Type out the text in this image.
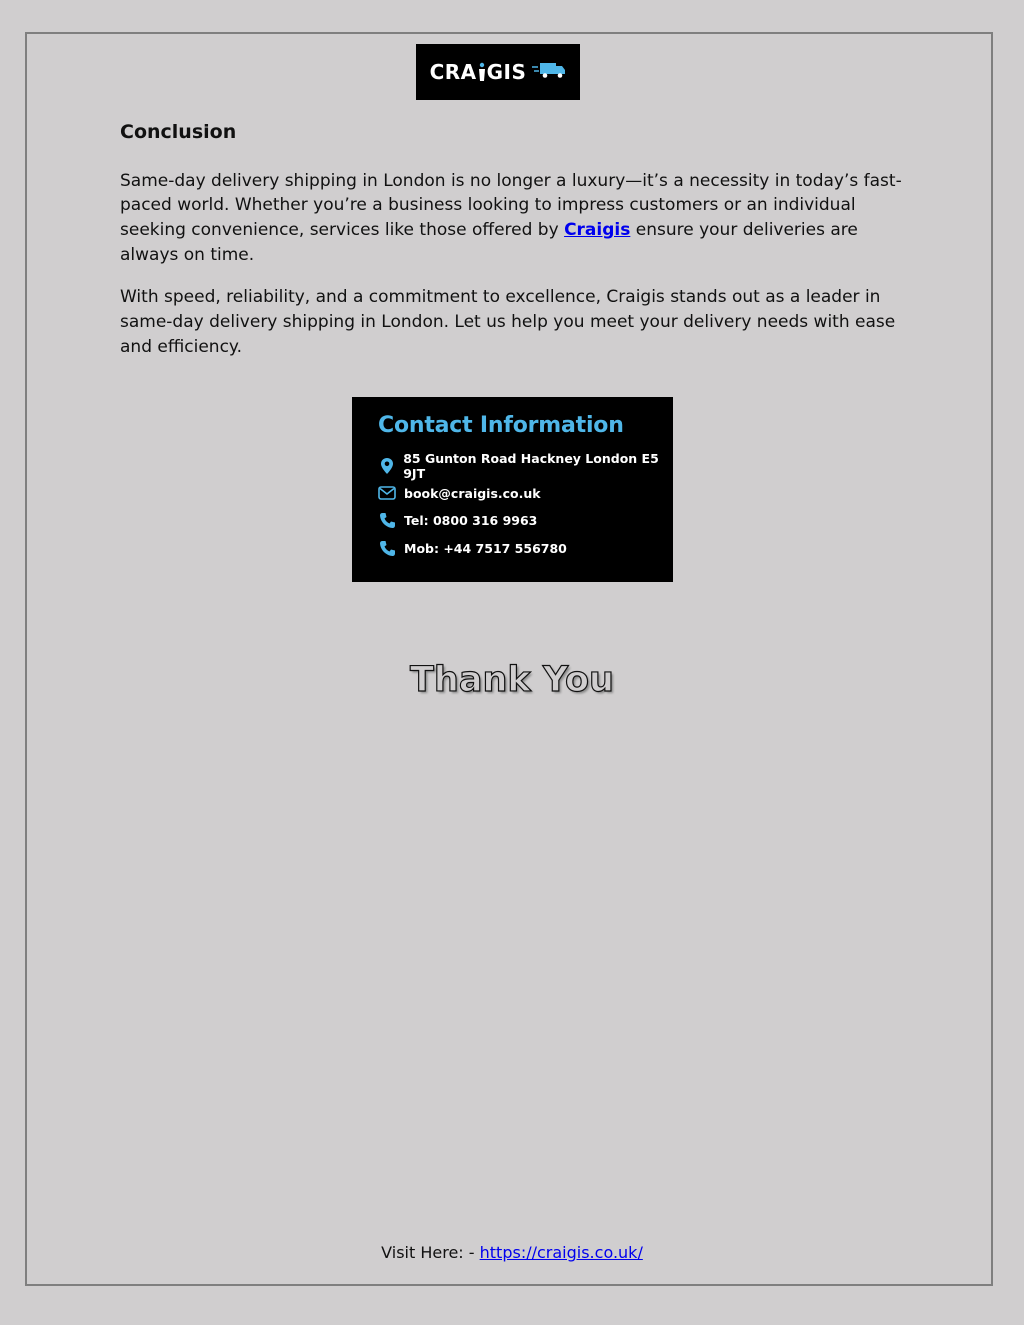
CRA GIS
Conclusion

Same-day delivery shipping in London is no longer a luxury—it’s a necessity in today’s fast-paced world. Whether you’re a business looking to impress customers or an individual seeking convenience, services like those offered by Craigis ensure your deliveries are always on time.

With speed, reliability, and a commitment to excellence, Craigis stands out as a leader in same-day delivery shipping in London. Let us help you meet your delivery needs with ease and efficiency.

Contact Information
85 Gunton Road Hackney London E5 9JT
book@craigis.co.uk
Tel: 0800 316 9963
Mob: +44 7517 556780
Thank You
Visit Here: - https://craigis.co.uk/
